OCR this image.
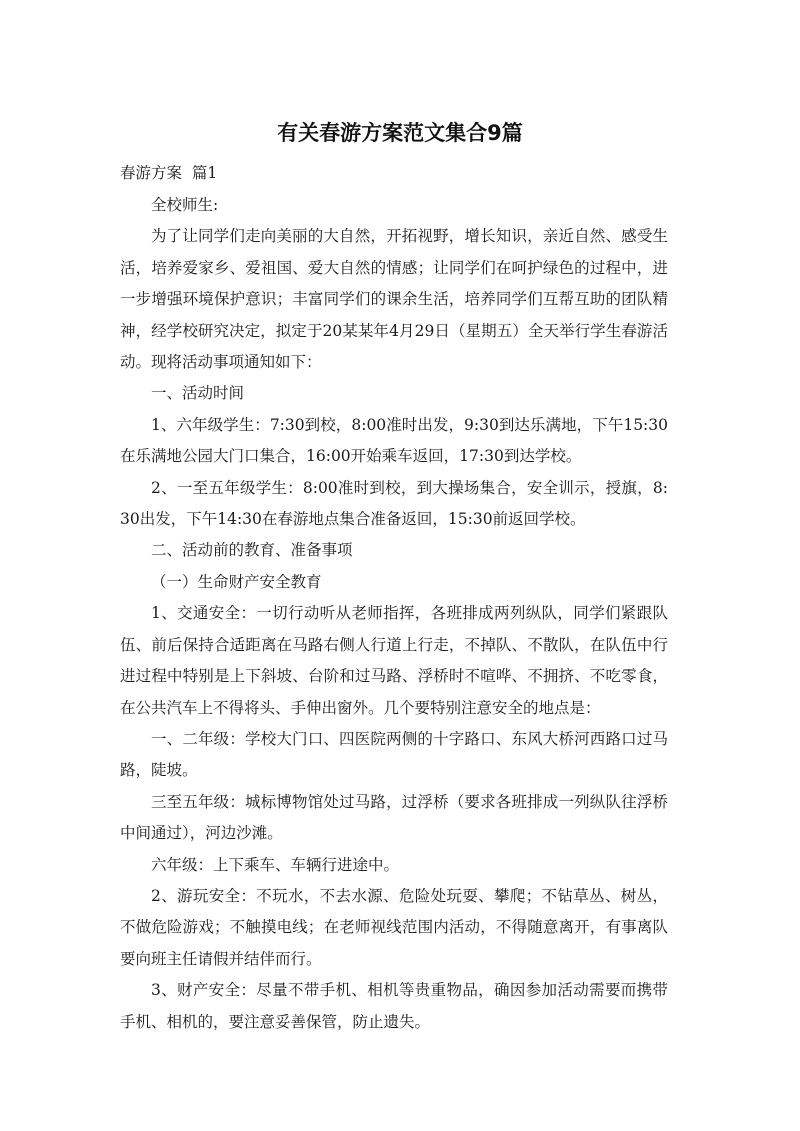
有关春游方案范文集合9篇
春游方案  篇1

全校师生:

为了让同学们走向美丽的大自然，开拓视野，增长知识，亲近自然、感受生活，培养爱家乡、爱祖国、爱大自然的情感；让同学们在呵护绿色的过程中，进一步增强环境保护意识；丰富同学们的课余生活，培养同学们互帮互助的团队精神，经学校研究决定，拟定于20某某年4月29日（星期五）全天举行学生春游活动。现将活动事项通知如下：

一、活动时间

1、六年级学生：7:30到校，8:00准时出发，9:30到达乐满地，下午15:30在乐满地公园大门口集合，16:00开始乘车返回，17:30到达学校。

2、一至五年级学生：8:00准时到校，到大操场集合，安全训示，授旗，8:30出发，下午14:30在春游地点集合准备返回，15:30前返回学校。

二、活动前的教育、准备事项

（一）生命财产安全教育

1、交通安全：一切行动听从老师指挥，各班排成两列纵队，同学们紧跟队伍、前后保持合适距离在马路右侧人行道上行走，不掉队、不散队，在队伍中行进过程中特别是上下斜坡、台阶和过马路、浮桥时不喧哗、不拥挤、不吃零食，在公共汽车上不得将头、手伸出窗外。几个要特别注意安全的地点是：

一、二年级：学校大门口、四医院两侧的十字路口、东风大桥河西路口过马路，陡坡。

三至五年级：城标博物馆处过马路，过浮桥（要求各班排成一列纵队往浮桥中间通过），河边沙滩。

六年级：上下乘车、车辆行进途中。

2、游玩安全：不玩水，不去水源、危险处玩耍、攀爬；不钻草丛、树丛，不做危险游戏；不触摸电线；在老师视线范围内活动，不得随意离开，有事离队要向班主任请假并结伴而行。

3、财产安全：尽量不带手机、相机等贵重物品，确因参加活动需要而携带手机、相机的，要注意妥善保管，防止遗失。
